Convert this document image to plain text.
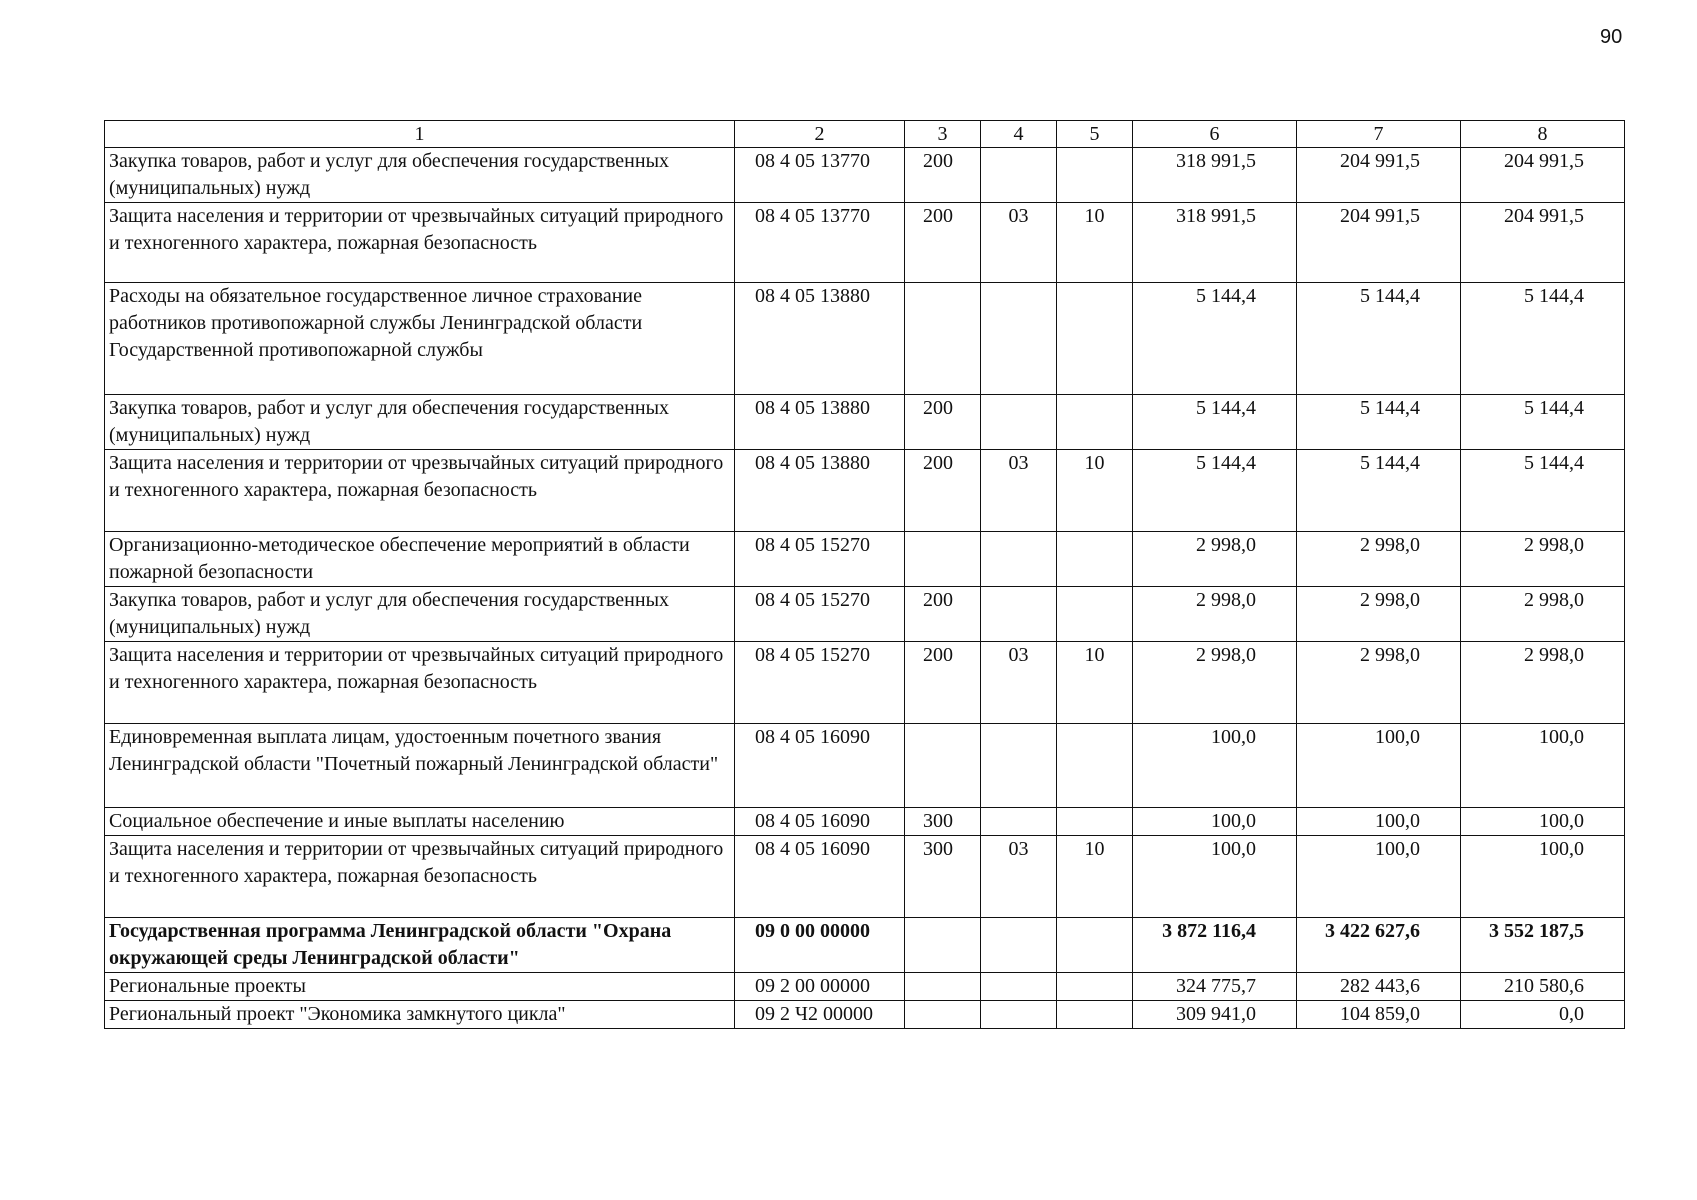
90
1	2	3	4	5	6	7	8
Закупка товаров, работ и услуг для обеспечения государственных (муниципальных) нужд	08 4 05 13770	200			318 991,5	204 991,5	204 991,5
Защита населения и территории от чрезвычайных ситуаций природного и техногенного характера, пожарная безопасность	08 4 05 13770	200	03	10	318 991,5	204 991,5	204 991,5
Расходы на обязательное государственное личное страхование работников противопожарной службы Ленинградской области Государственной противопожарной службы	08 4 05 13880				5 144,4	5 144,4	5 144,4
Закупка товаров, работ и услуг для обеспечения государственных (муниципальных) нужд	08 4 05 13880	200			5 144,4	5 144,4	5 144,4
Защита населения и территории от чрезвычайных ситуаций природного и техногенного характера, пожарная безопасность	08 4 05 13880	200	03	10	5 144,4	5 144,4	5 144,4
Организационно-методическое обеспечение мероприятий в области пожарной безопасности	08 4 05 15270				2 998,0	2 998,0	2 998,0
Закупка товаров, работ и услуг для обеспечения государственных (муниципальных) нужд	08 4 05 15270	200			2 998,0	2 998,0	2 998,0
Защита населения и территории от чрезвычайных ситуаций природного и техногенного характера, пожарная безопасность	08 4 05 15270	200	03	10	2 998,0	2 998,0	2 998,0
Единовременная выплата лицам, удостоенным почетного звания Ленинградской области "Почетный пожарный Ленинградской области"	08 4 05 16090				100,0	100,0	100,0
Социальное обеспечение и иные выплаты населению	08 4 05 16090	300			100,0	100,0	100,0
Защита населения и территории от чрезвычайных ситуаций природного и техногенного характера, пожарная безопасность	08 4 05 16090	300	03	10	100,0	100,0	100,0
Государственная программа Ленинградской области "Охрана окружающей среды Ленинградской области"	09 0 00 00000				3 872 116,4	3 422 627,6	3 552 187,5
Региональные проекты	09 2 00 00000				324 775,7	282 443,6	210 580,6
Региональный проект "Экономика замкнутого цикла"	09 2 Ч2 00000				309 941,0	104 859,0	0,0
